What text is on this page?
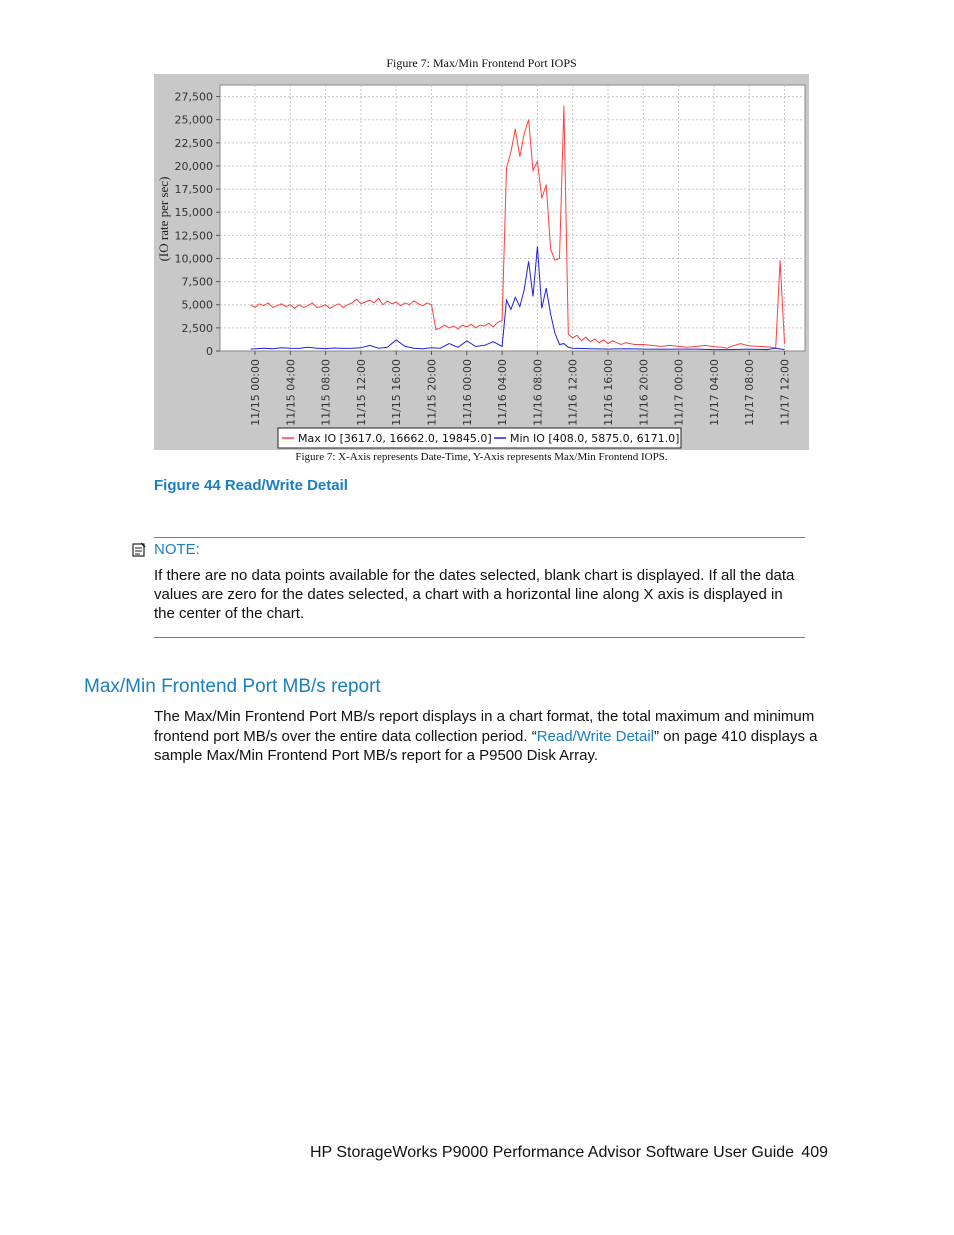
Figure 7: Max/Min Frontend Port IOPS
0
2,500
5,000
7,500
10,000
12,500
15,000
17,500
20,000
22,500
25,000
27,500
11/15 00:00 11/15 04:00 11/15 08:00 11/15 12:00 11/15 16:00 11/15 20:00 11/16 00:00 11/16 04:00 11/16 08:00 11/16 12:00 11/16 16:00 11/16 20:00 11/17 00:00 11/17 04:00 11/17 08:00 11/17 12:00
(IO rate per sec)
Max IO [3617.0, 16662.0, 19845.0] Min IO [408.0, 5875.0, 6171.0]
Figure 7: X-Axis represents Date-Time, Y-Axis represents Max/Min Frontend IOPS.
Figure 44 Read/Write Detail
NOTE:
If there are no data points available for the dates selected, blank chart is displayed. If all the data values are zero for the dates selected, a chart with a horizontal line along X axis is displayed in the center of the chart.
Max/Min Frontend Port MB/s report
The Max/Min Frontend Port MB/s report displays in a chart format, the total maximum and minimum frontend port MB/s over the entire data collection period. “Read/Write Detail” on page 410 displays a sample Max/Min Frontend Port MB/s report for a P9500 Disk Array.
HP StorageWorks P9000 Performance Advisor Software User Guide 409
